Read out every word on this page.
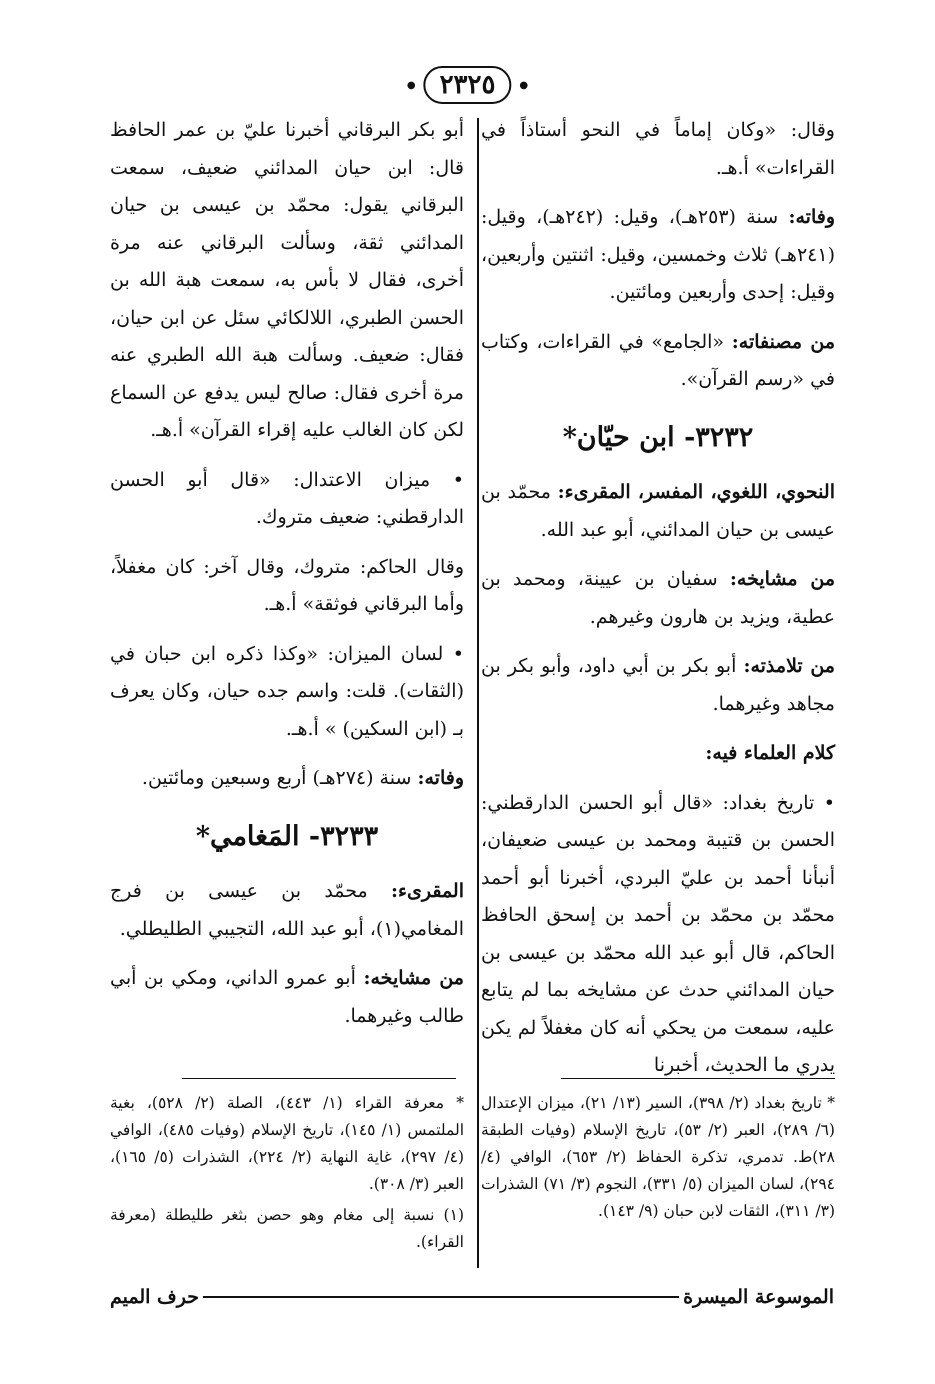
●
٢٣٢٥
●

وقال: «وكان إماماً في النحو أستاذاً في القراءات» أ.هـ.

وفاته: سنة (٢٥٣هـ)، وقيل: (٢٤٢هـ)، وقيل: (٢٤١هـ) ثلاث وخمسين، وقيل: اثنتين وأربعين، وقيل: إحدى وأربعين ومائتين.

من مصنفاته: «الجامع» في القراءات، وكتاب في «رسم القرآن».

٣٢٣٢- ابن حيّان*

النحوي، اللغوي، المفسر، المقرىء: محمّد بن عيسى بن حيان المدائني، أبو عبد الله.

من مشايخه: سفيان بن عيينة، ومحمد بن عطية، ويزيد بن هارون وغيرهم.

من تلامذته: أبو بكر بن أبي داود، وأبو بكر بن مجاهد وغيرهما.

كلام العلماء فيه:

• تاريخ بغداد: «قال أبو الحسن الدارقطني: الحسن بن قتيبة ومحمد بن عيسى ضعيفان، أنبأنا أحمد بن عليّ البردي، أخبرنا أبو أحمد محمّد بن محمّد بن أحمد بن إسحق الحافظ الحاكم، قال أبو عبد الله محمّد بن عيسى بن حيان المدائني حدث عن مشايخه بما لم يتابع عليه، سمعت من يحكي أنه كان مغفلاً لم يكن يدري ما الحديث، أخبرنا

أبو بكر البرقاني أخبرنا عليّ بن عمر الحافظ قال: ابن حيان المدائني ضعيف، سمعت البرقاني يقول: محمّد بن عيسى بن حيان المدائني ثقة، وسألت البرقاني عنه مرة أخرى، فقال لا بأس به، سمعت هبة الله بن الحسن الطبري، اللالكائي سئل عن ابن حيان، فقال: ضعيف. وسألت هبة الله الطبري عنه مرة أخرى فقال: صالح ليس يدفع عن السماع لكن كان الغالب عليه إقراء القرآن» أ.هـ.

• ميزان الاعتدال: «قال أبو الحسن الدارقطني: ضعيف متروك.

وقال الحاكم: متروك، وقال آخر: كان مغفلاً، وأما البرقاني فوثقة» أ.هـ.

• لسان الميزان: «وكذا ذكره ابن حبان في (الثقات). قلت: واسم جده حيان، وكان يعرف بـ (ابن السكين) » أ.هـ.

وفاته: سنة (٢٧٤هـ) أربع وسبعين ومائتين.

٣٢٣٣- المَغامي*

المقرىء: محمّد بن عيسى بن فرج المغامي(١)، أبو عبد الله، التجيبي الطليطلي.

من مشايخه: أبو عمرو الداني، ومكي بن أبي طالب وغيرهما.

* تاريخ بغداد (٢/ ٣٩٨)، السير (١٣/ ٢١)، ميزان الإعتدال (٦/ ٢٨٩)، العبر (٢/ ٥٣)، تاريخ الإسلام (وفيات الطبقة ٢٨)ط. تدمري، تذكرة الحفاظ (٢/ ٦٥٣)، الوافي (٤/ ٢٩٤)، لسان الميزان (٥/ ٣٣١)، النجوم (٣/ ٧١) الشذرات (٣/ ٣١١)، الثقات لابن حبان (٩/ ١٤٣).

* معرفة القراء (١/ ٤٤٣)، الصلة (٢/ ٥٢٨)، بغية الملتمس (١/ ١٤٥)، تاريخ الإسلام (وفيات ٤٨٥)، الوافي (٤/ ٢٩٧)، غاية النهاية (٢/ ٢٢٤)، الشذرات (٥/ ١٦٥)، العبر (٣/ ٣٠٨).

(١) نسبة إلى مغام وهو حصن بثغر طليطلة (معرفة القراء).

الموسوعة الميسرة
حرف الميم
